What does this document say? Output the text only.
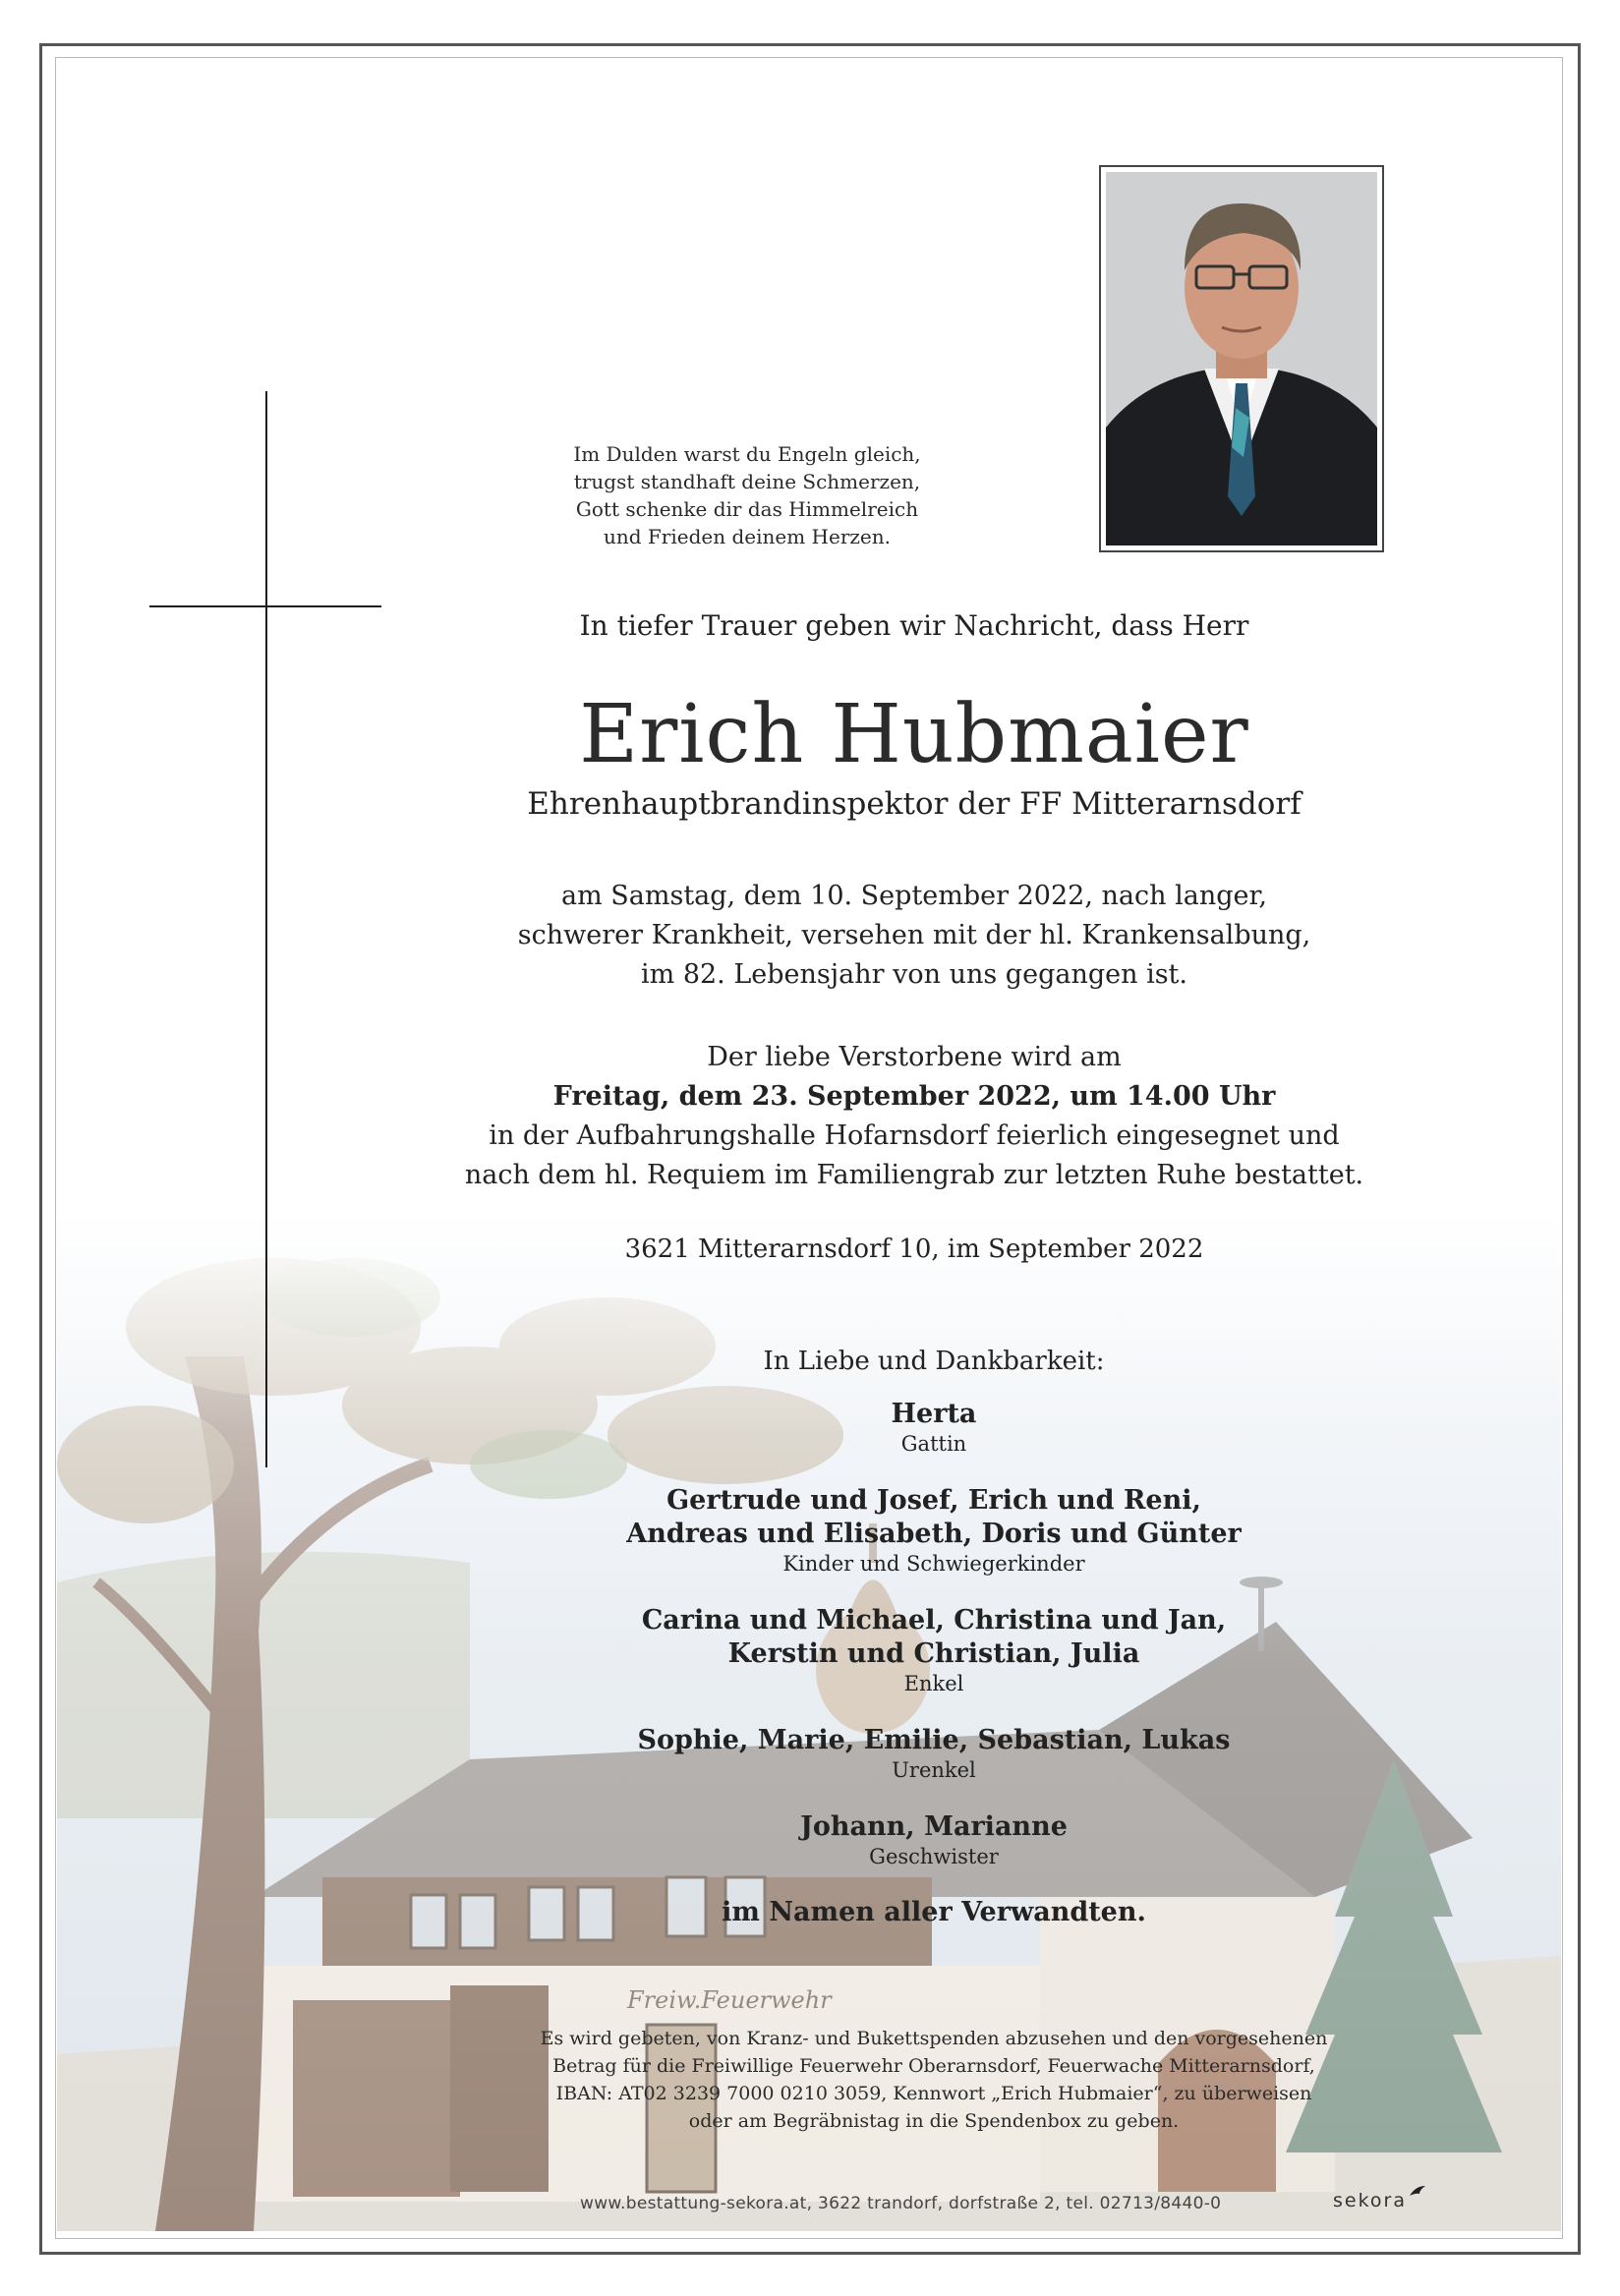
Im Dulden warst du Engeln gleich,
trugst standhaft deine Schmerzen,
Gott schenke dir das Himmelreich
und Frieden deinem Herzen.
In tiefer Trauer geben wir Nachricht, dass Herr
Erich Hubmaier
Ehrenhauptbrandinspektor der FF Mitterarnsdorf
am Samstag, dem 10. September 2022, nach langer,
schwerer Krankheit, versehen mit der hl. Krankensalbung,
im 82. Lebensjahr von uns gegangen ist.
Der liebe Verstorbene wird am
Freitag, dem 23. September 2022, um 14.00 Uhr
in der Aufbahrungshalle Hofarnsdorf feierlich eingesegnet und
nach dem hl. Requiem im Familiengrab zur letzten Ruhe bestattet.
3621 Mitterarnsdorf 10, im September 2022
In Liebe und Dankbarkeit:
Herta
Gattin
Gertrude und Josef, Erich und Reni,
Andreas und Elisabeth, Doris und Günter
Kinder und Schwiegerkinder
Carina und Michael, Christina und Jan,
Kerstin und Christian, Julia
Enkel
Sophie, Marie, Emilie, Sebastian, Lukas
Urenkel
Johann, Marianne
Geschwister
im Namen aller Verwandten.
Es wird gebeten, von Kranz- und Bukettspenden abzusehen und den vorgesehenen
Betrag für die Freiwillige Feuerwehr Oberarnsdorf, Feuerwache Mitterarnsdorf,
IBAN: AT02 3239 7000 0210 3059, Kennwort „Erich Hubmaier“, zu überweisen
oder am Begräbnistag in die Spendenbox zu geben.
www.bestattung-sekora.at, 3622 trandorf, dorfstraße 2, tel. 02713/8440-0	sekora
